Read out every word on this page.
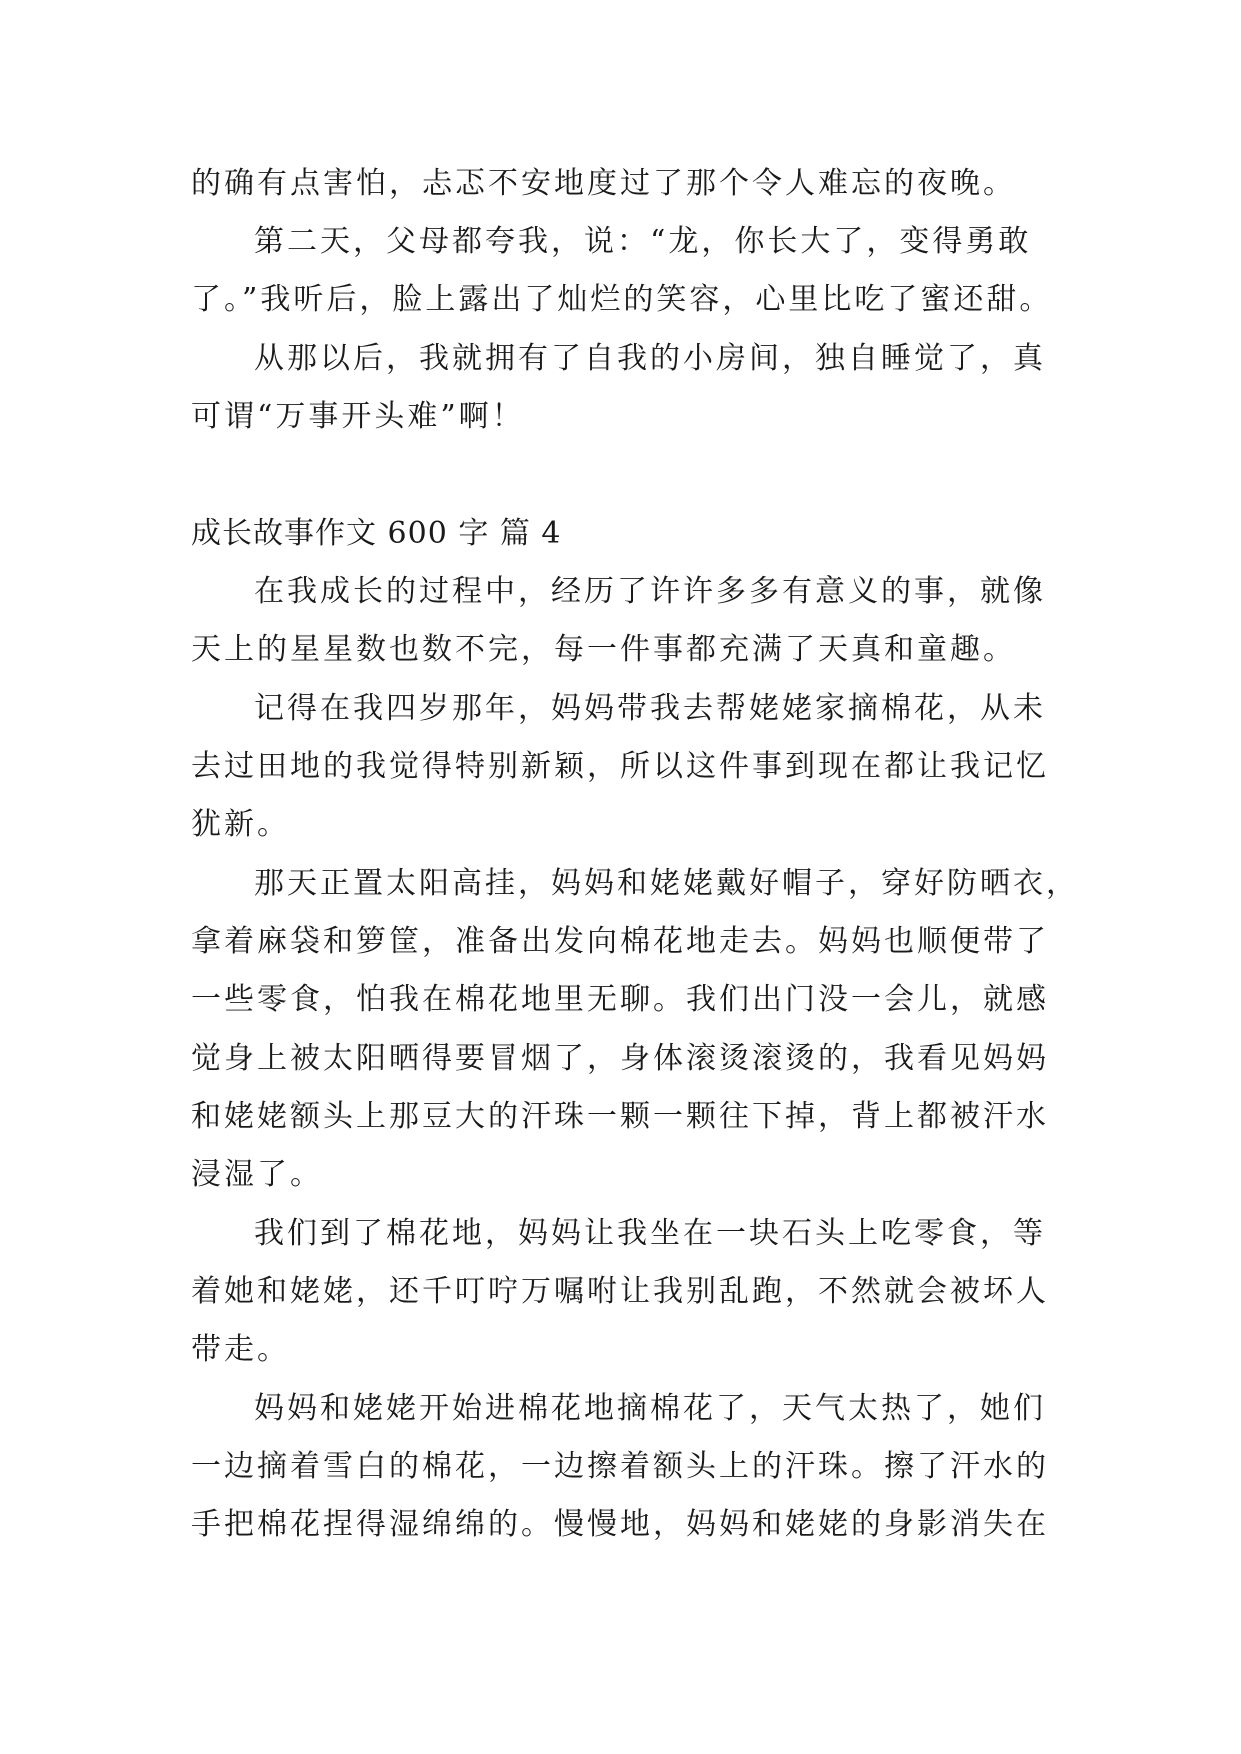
的确有点害怕，忐忑不安地度过了那个令人难忘的夜晚。
第二天，父母都夸我，说：“龙，你长大了，变得勇敢
了。”我听后，脸上露出了灿烂的笑容，心里比吃了蜜还甜。
从那以后，我就拥有了自我的小房间，独自睡觉了，真
可谓“万事开头难”啊！
成长故事作文 600 字 篇 4
在我成长的过程中，经历了许许多多有意义的事，就像
天上的星星数也数不完，每一件事都充满了天真和童趣。
记得在我四岁那年，妈妈带我去帮姥姥家摘棉花，从未
去过田地的我觉得特别新颖，所以这件事到现在都让我记忆
犹新。
那天正置太阳高挂，妈妈和姥姥戴好帽子，穿好防晒衣，
拿着麻袋和箩筐，准备出发向棉花地走去。妈妈也顺便带了
一些零食，怕我在棉花地里无聊。我们出门没一会儿，就感
觉身上被太阳晒得要冒烟了，身体滚烫滚烫的，我看见妈妈
和姥姥额头上那豆大的汗珠一颗一颗往下掉，背上都被汗水
浸湿了。
我们到了棉花地，妈妈让我坐在一块石头上吃零食，等
着她和姥姥，还千叮咛万嘱咐让我别乱跑，不然就会被坏人
带走。
妈妈和姥姥开始进棉花地摘棉花了，天气太热了，她们
一边摘着雪白的棉花，一边擦着额头上的汗珠。擦了汗水的
手把棉花捏得湿绵绵的。慢慢地，妈妈和姥姥的身影消失在
